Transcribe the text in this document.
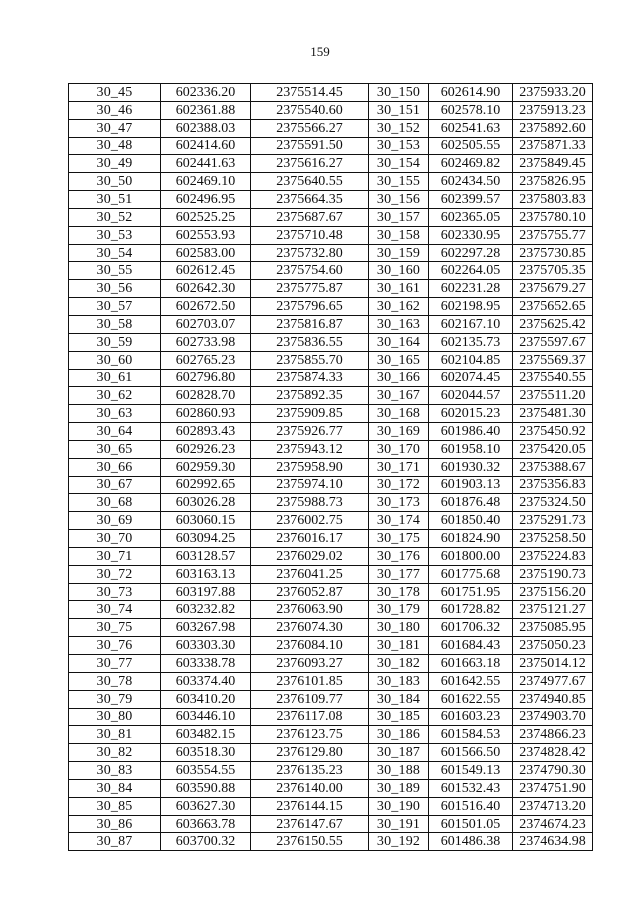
159
30_45	602336.20	2375514.45	30_150	602614.90	2375933.20
30_46	602361.88	2375540.60	30_151	602578.10	2375913.23
30_47	602388.03	2375566.27	30_152	602541.63	2375892.60
30_48	602414.60	2375591.50	30_153	602505.55	2375871.33
30_49	602441.63	2375616.27	30_154	602469.82	2375849.45
30_50	602469.10	2375640.55	30_155	602434.50	2375826.95
30_51	602496.95	2375664.35	30_156	602399.57	2375803.83
30_52	602525.25	2375687.67	30_157	602365.05	2375780.10
30_53	602553.93	2375710.48	30_158	602330.95	2375755.77
30_54	602583.00	2375732.80	30_159	602297.28	2375730.85
30_55	602612.45	2375754.60	30_160	602264.05	2375705.35
30_56	602642.30	2375775.87	30_161	602231.28	2375679.27
30_57	602672.50	2375796.65	30_162	602198.95	2375652.65
30_58	602703.07	2375816.87	30_163	602167.10	2375625.42
30_59	602733.98	2375836.55	30_164	602135.73	2375597.67
30_60	602765.23	2375855.70	30_165	602104.85	2375569.37
30_61	602796.80	2375874.33	30_166	602074.45	2375540.55
30_62	602828.70	2375892.35	30_167	602044.57	2375511.20
30_63	602860.93	2375909.85	30_168	602015.23	2375481.30
30_64	602893.43	2375926.77	30_169	601986.40	2375450.92
30_65	602926.23	2375943.12	30_170	601958.10	2375420.05
30_66	602959.30	2375958.90	30_171	601930.32	2375388.67
30_67	602992.65	2375974.10	30_172	601903.13	2375356.83
30_68	603026.28	2375988.73	30_173	601876.48	2375324.50
30_69	603060.15	2376002.75	30_174	601850.40	2375291.73
30_70	603094.25	2376016.17	30_175	601824.90	2375258.50
30_71	603128.57	2376029.02	30_176	601800.00	2375224.83
30_72	603163.13	2376041.25	30_177	601775.68	2375190.73
30_73	603197.88	2376052.87	30_178	601751.95	2375156.20
30_74	603232.82	2376063.90	30_179	601728.82	2375121.27
30_75	603267.98	2376074.30	30_180	601706.32	2375085.95
30_76	603303.30	2376084.10	30_181	601684.43	2375050.23
30_77	603338.78	2376093.27	30_182	601663.18	2375014.12
30_78	603374.40	2376101.85	30_183	601642.55	2374977.67
30_79	603410.20	2376109.77	30_184	601622.55	2374940.85
30_80	603446.10	2376117.08	30_185	601603.23	2374903.70
30_81	603482.15	2376123.75	30_186	601584.53	2374866.23
30_82	603518.30	2376129.80	30_187	601566.50	2374828.42
30_83	603554.55	2376135.23	30_188	601549.13	2374790.30
30_84	603590.88	2376140.00	30_189	601532.43	2374751.90
30_85	603627.30	2376144.15	30_190	601516.40	2374713.20
30_86	603663.78	2376147.67	30_191	601501.05	2374674.23
30_87	603700.32	2376150.55	30_192	601486.38	2374634.98
